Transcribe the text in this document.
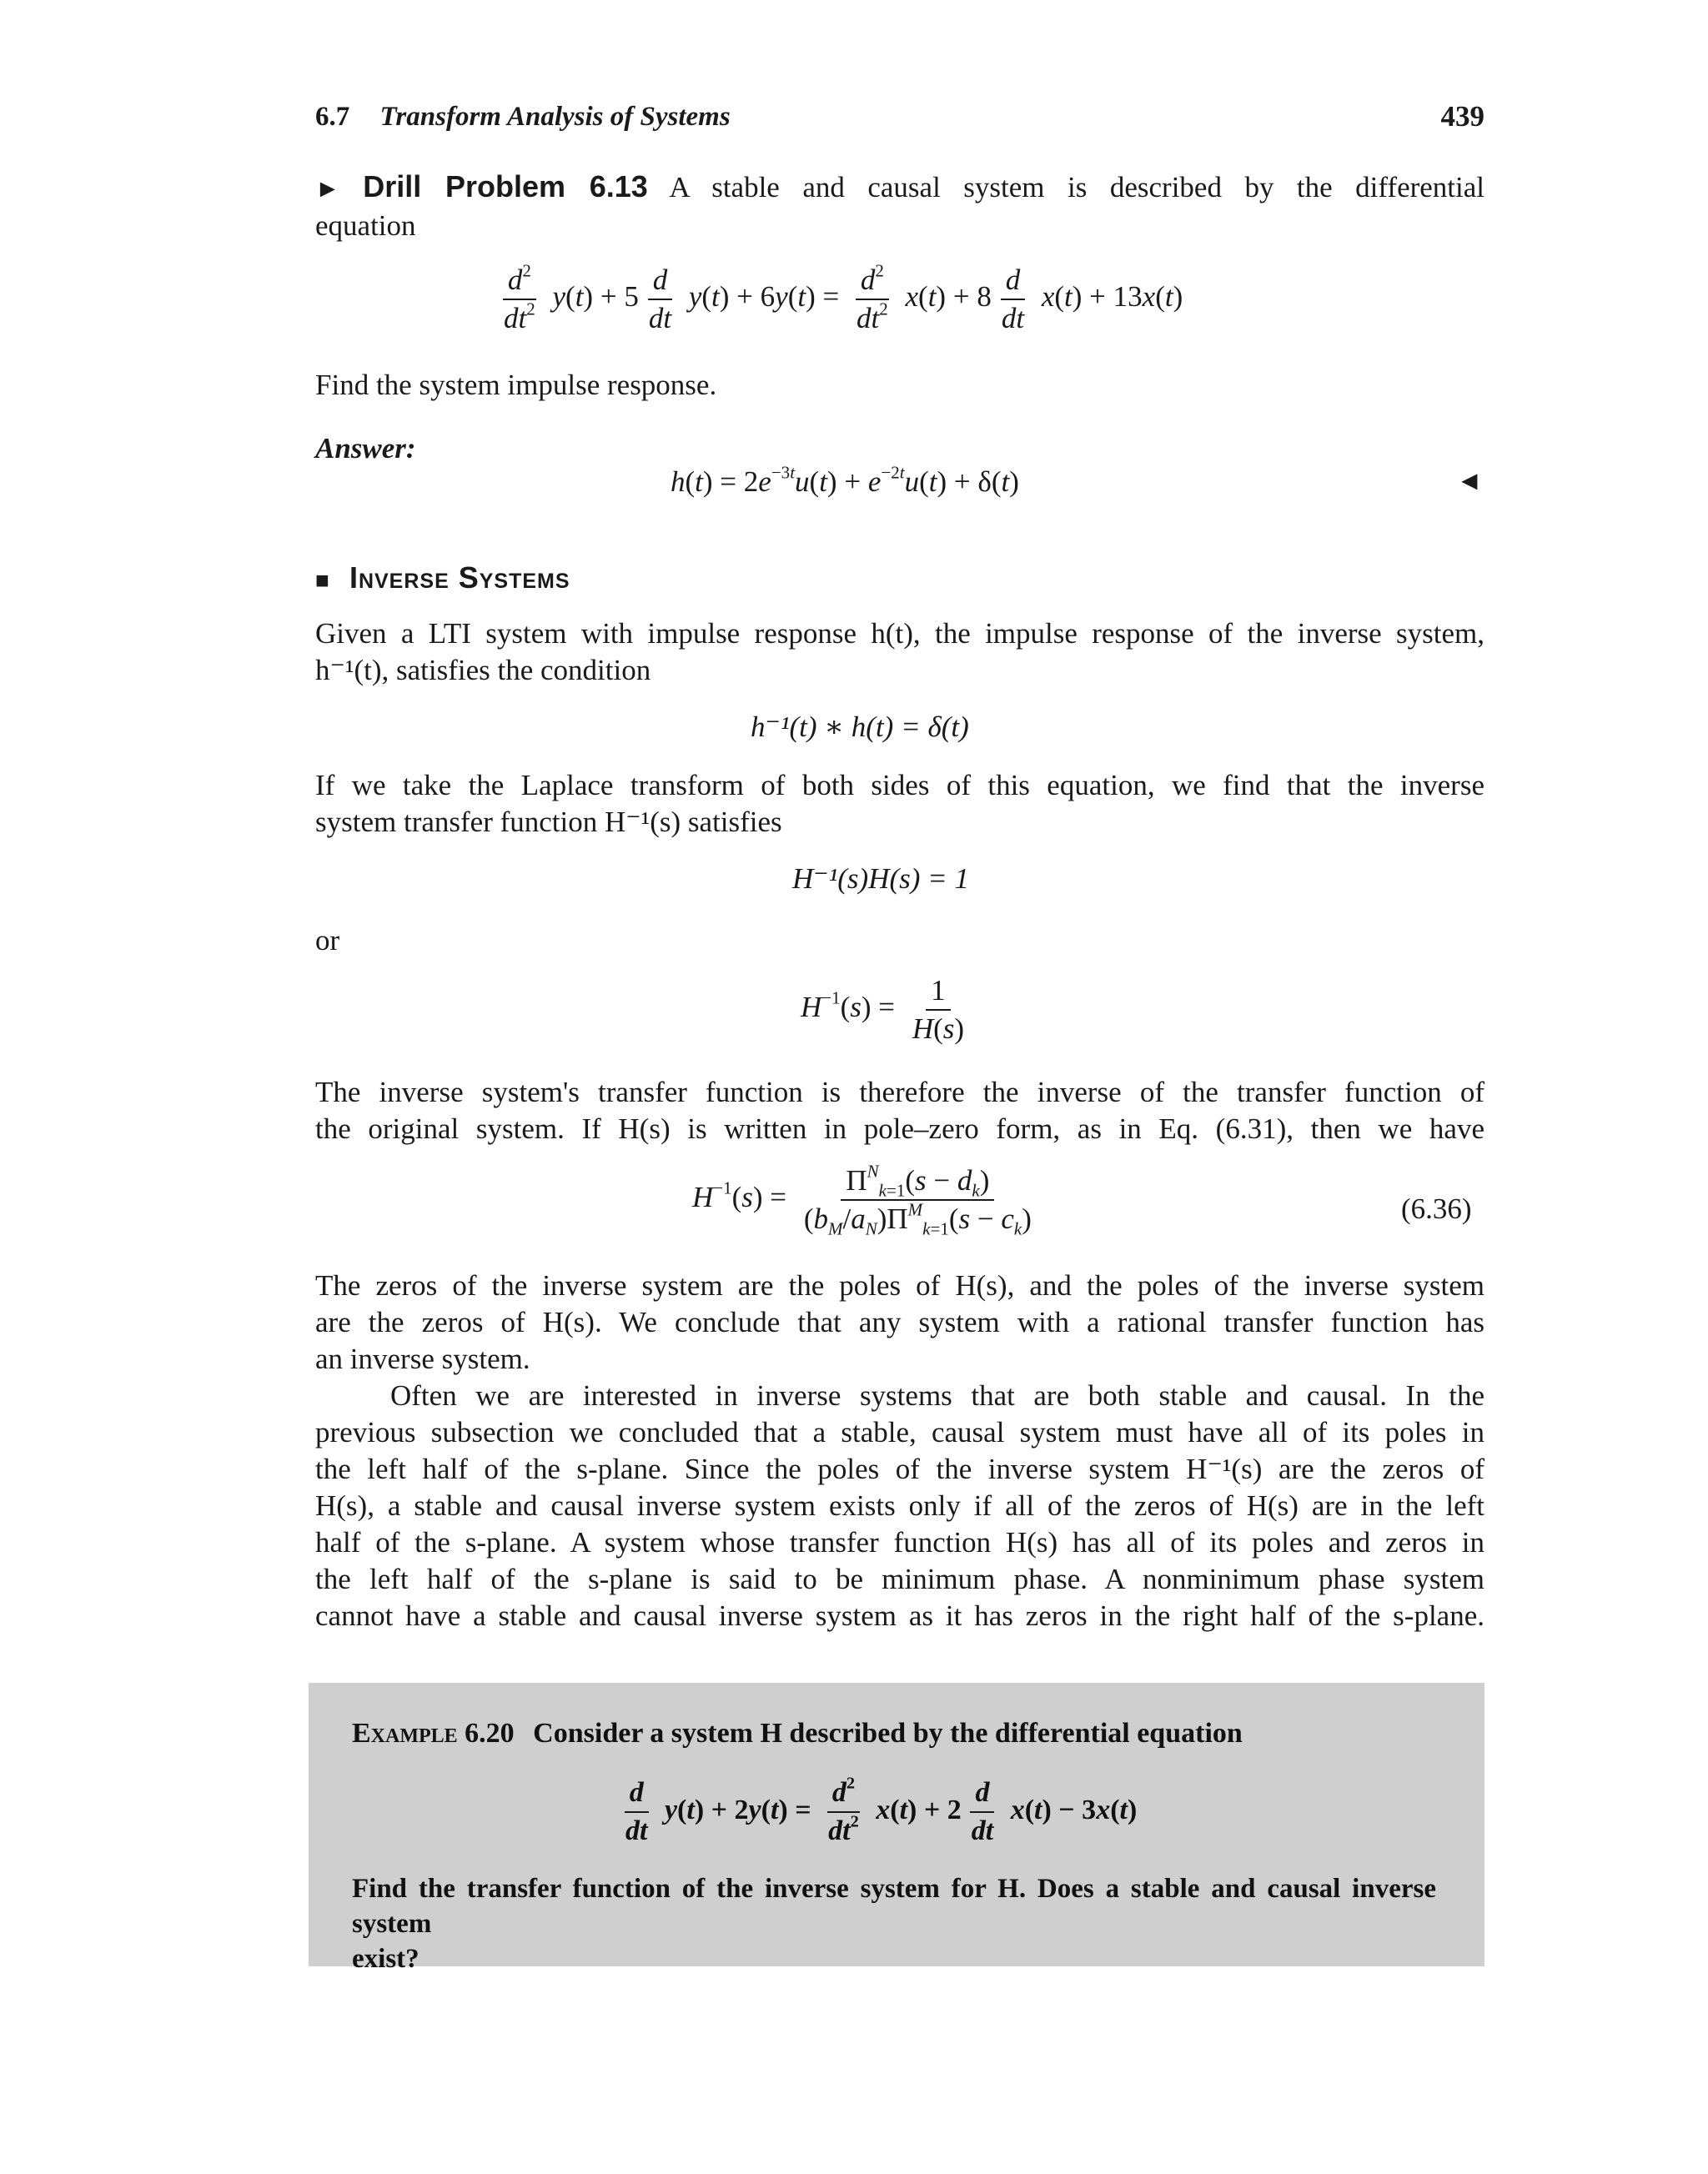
6.7 Transform Analysis of Systems	439
► Drill Problem 6.13 A stable and causal system is described by the differential
equation
$\frac{d^2}{dt^2} y(t) + 5 \frac{d}{dt} y(t) + 6y(t) = \frac{d^2}{dt^2} x(t) + 8 \frac{d}{dt} x(t) + 13x(t)$
Find the system impulse response.
Answer:
$h(t) = 2e^{-3t}u(t) + e^{-2t}u(t) + \delta(t)$	◄
■ Inverse Systems
Given a LTI system with impulse response h(t), the impulse response of the inverse system,
h⁻¹(t), satisfies the condition
h⁻¹(t) ∗ h(t) = δ(t)
If we take the Laplace transform of both sides of this equation, we find that the inverse
system transfer function H⁻¹(s) satisfies
H⁻¹(s)H(s) = 1
or
$H^{-1}(s) = \frac{1}{H(s)}$
The inverse system's transfer function is therefore the inverse of the transfer function of
the original system. If H(s) is written in pole–zero form, as in Eq. (6.31), then we have
$H^{-1}(s) = \frac{\Pi^N_{k=1}(s - d_k)}{(b_M/a_N)\Pi^M_{k=1}(s - c_k)}$	(6.36)
The zeros of the inverse system are the poles of H(s), and the poles of the inverse system
are the zeros of H(s). We conclude that any system with a rational transfer function has
an inverse system.
Often we are interested in inverse systems that are both stable and causal. In the
previous subsection we concluded that a stable, causal system must have all of its poles in
the left half of the s-plane. Since the poles of the inverse system H⁻¹(s) are the zeros of
H(s), a stable and causal inverse system exists only if all of the zeros of H(s) are in the left
half of the s-plane. A system whose transfer function H(s) has all of its poles and zeros in
the left half of the s-plane is said to be minimum phase. A nonminimum phase system
cannot have a stable and causal inverse system as it has zeros in the right half of the s-plane.
Example 6.20 Consider a system H described by the differential equation
$\frac{d}{dt} y(t) + 2y(t) = \frac{d^2}{dt^2} x(t) + 2 \frac{d}{dt} x(t) - 3x(t)$
Find the transfer function of the inverse system for H. Does a stable and causal inverse system
exist?
